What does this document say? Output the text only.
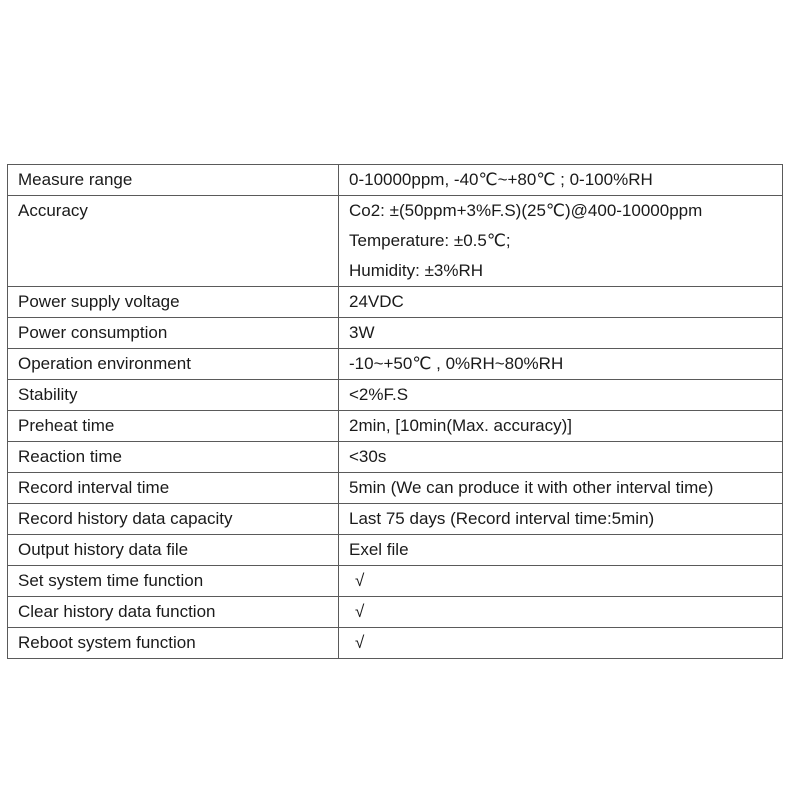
Measure range	0-10000ppm, -40℃~+80℃ ; 0-100%RH

Accuracy	Co2: ±(50ppm+3%F.S)(25℃)@400-10000ppm
Temperature: ±0.5℃;
Humidity: ±3%RH

Power supply voltage	24VDC

Power consumption	3W

Operation environment	-10~+50℃ , 0%RH~80%RH

Stability	<2%F.S

Preheat time	2min, [10min(Max. accuracy)]

Reaction time	<30s

Record interval time	5min (We can produce it with other interval time)

Record history data capacity	Last 75 days (Record interval time:5min)

Output history data file	Exel file

Set system time function	√
Clear history data function	√
Reboot system function	√
